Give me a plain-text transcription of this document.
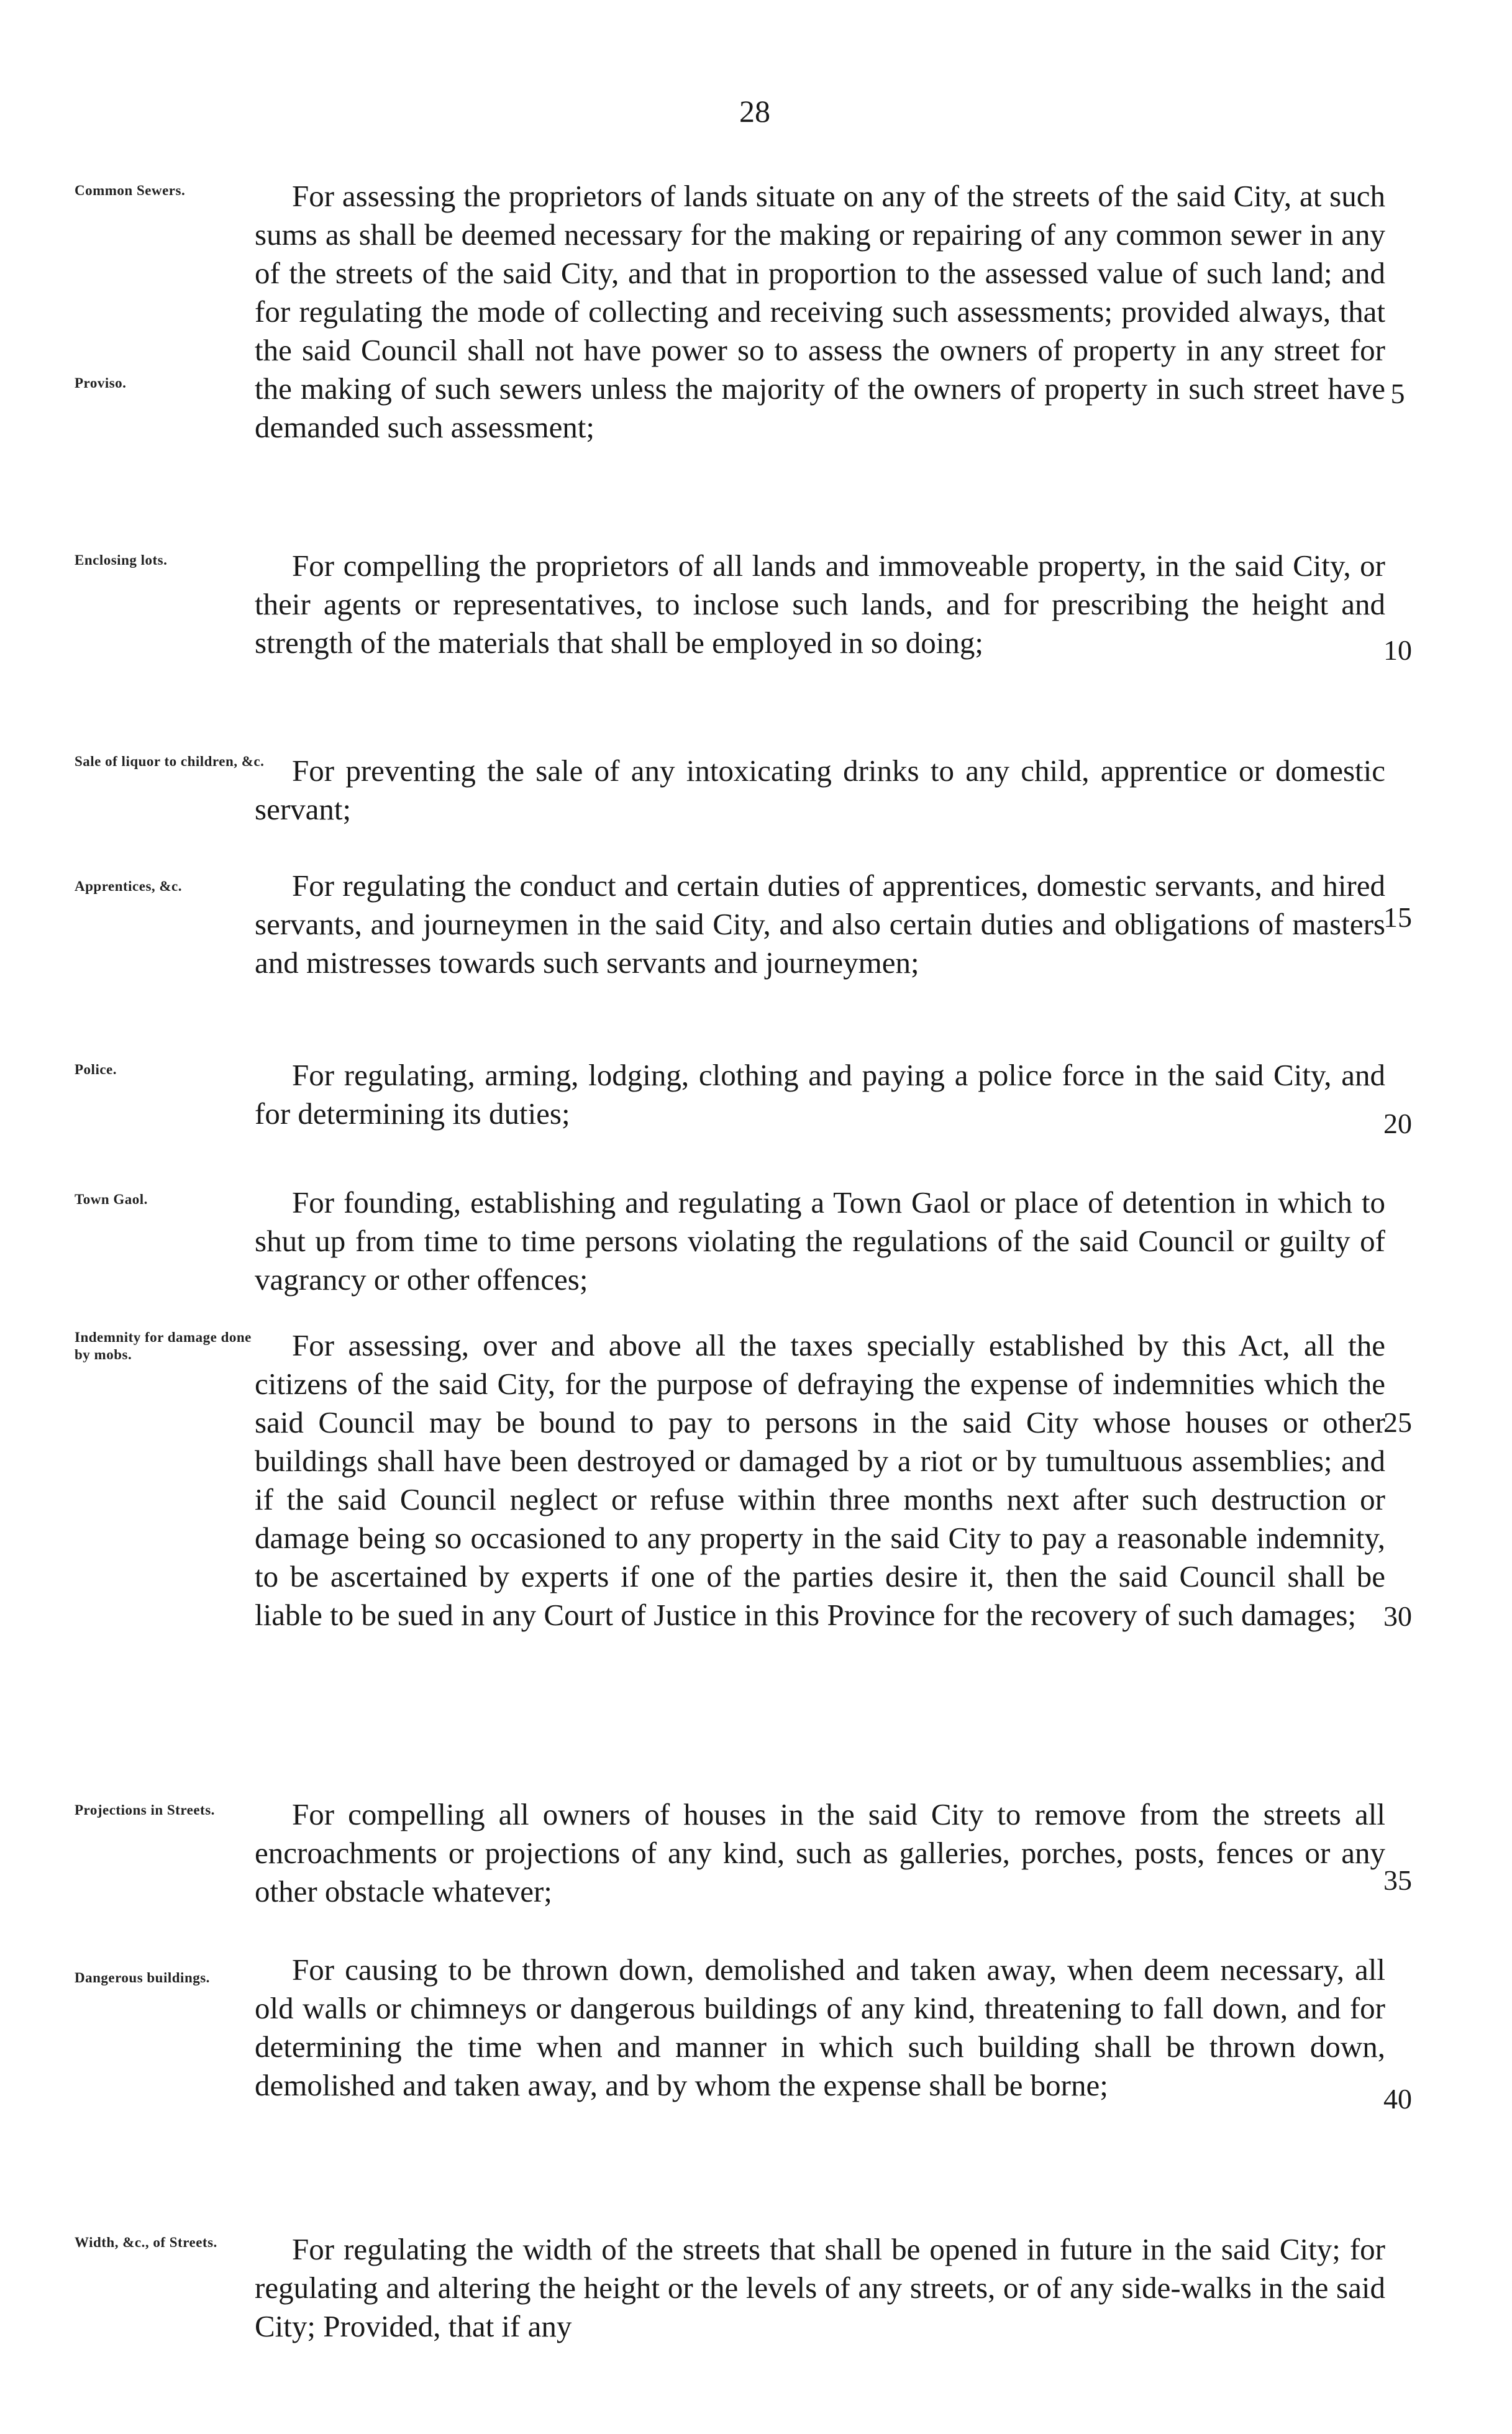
28
Common Sewers.
Proviso.

For assessing the proprietors of lands situate on any of the streets of the said City, at such sums as shall be deemed necessary for the making or repairing of any common sewer in any of the streets of the said City, and that in proportion to the assessed value of such land; and for regulating the mode of collecting and receiving such assessments; provided always, that the said Council shall not have power so to assess the owners of property in any street for the making of such sewers unless the majority of the owners of property in such street have demanded such assessment;

5
Enclosing lots.	For compelling the proprietors of all lands and immoveable property, in the said City, or their agents or representatives, to inclose such lands, and for prescribing the height and strength of the materials that shall be employed in so doing;	10
Sale of liquor to children, &c. For preventing the sale of any intoxicating drinks to any child, apprentice or domestic servant;

Apprentices, &c.	For regulating the conduct and certain duties of apprentices, domestic servants, and hired servants, and journeymen in the said City, and also certain duties and obligations of masters and mistresses towards such servants and journeymen;

15
Police.	For regulating, arming, lodging, clothing and paying a police force in the said City, and for determining its duties;	20
Town Gaol.	For founding, establishing and regulating a Town Gaol or place of detention in which to shut up from time to time persons violating the regulations of the said Council or guilty of vagrancy or other offences;

Indemnity for damage done by mobs.	For assessing, over and above all the taxes specially established by this Act, all the citizens of the said City, for the purpose of defraying the expense of indemnities which the said Council may be bound to pay to persons in the said City whose houses or other buildings shall have been destroyed or damaged by a riot or by tumultuous assemblies; and if the said Council neglect or refuse within three months next after such destruction or damage being so occasioned to any property in the said City to pay a reasonable indemnity, to be ascertained by experts if one of the parties desire it, then the said Council shall be liable to be sued in any Court of Justice in this Province for the recovery of such damages;

25
30
Projections in Streets.	For compelling all owners of houses in the said City to remove from the streets all encroachments or projections of any kind, such as galleries, porches, posts, fences or any other obstacle whatever;	35
Dangerous buildings.	For causing to be thrown down, demolished and taken away, when deem necessary, all old walls or chimneys or dangerous buildings of any kind, threatening to fall down, and for determining the time when and manner in which such building shall be thrown down, demolished and taken away, and by whom the expense shall be borne;	40
Width, &c., of Streets.	For regulating the width of the streets that shall be opened in future in the said City; for regulating and altering the height or the levels of any streets, or of any side-walks in the said City; Provided, that if any
